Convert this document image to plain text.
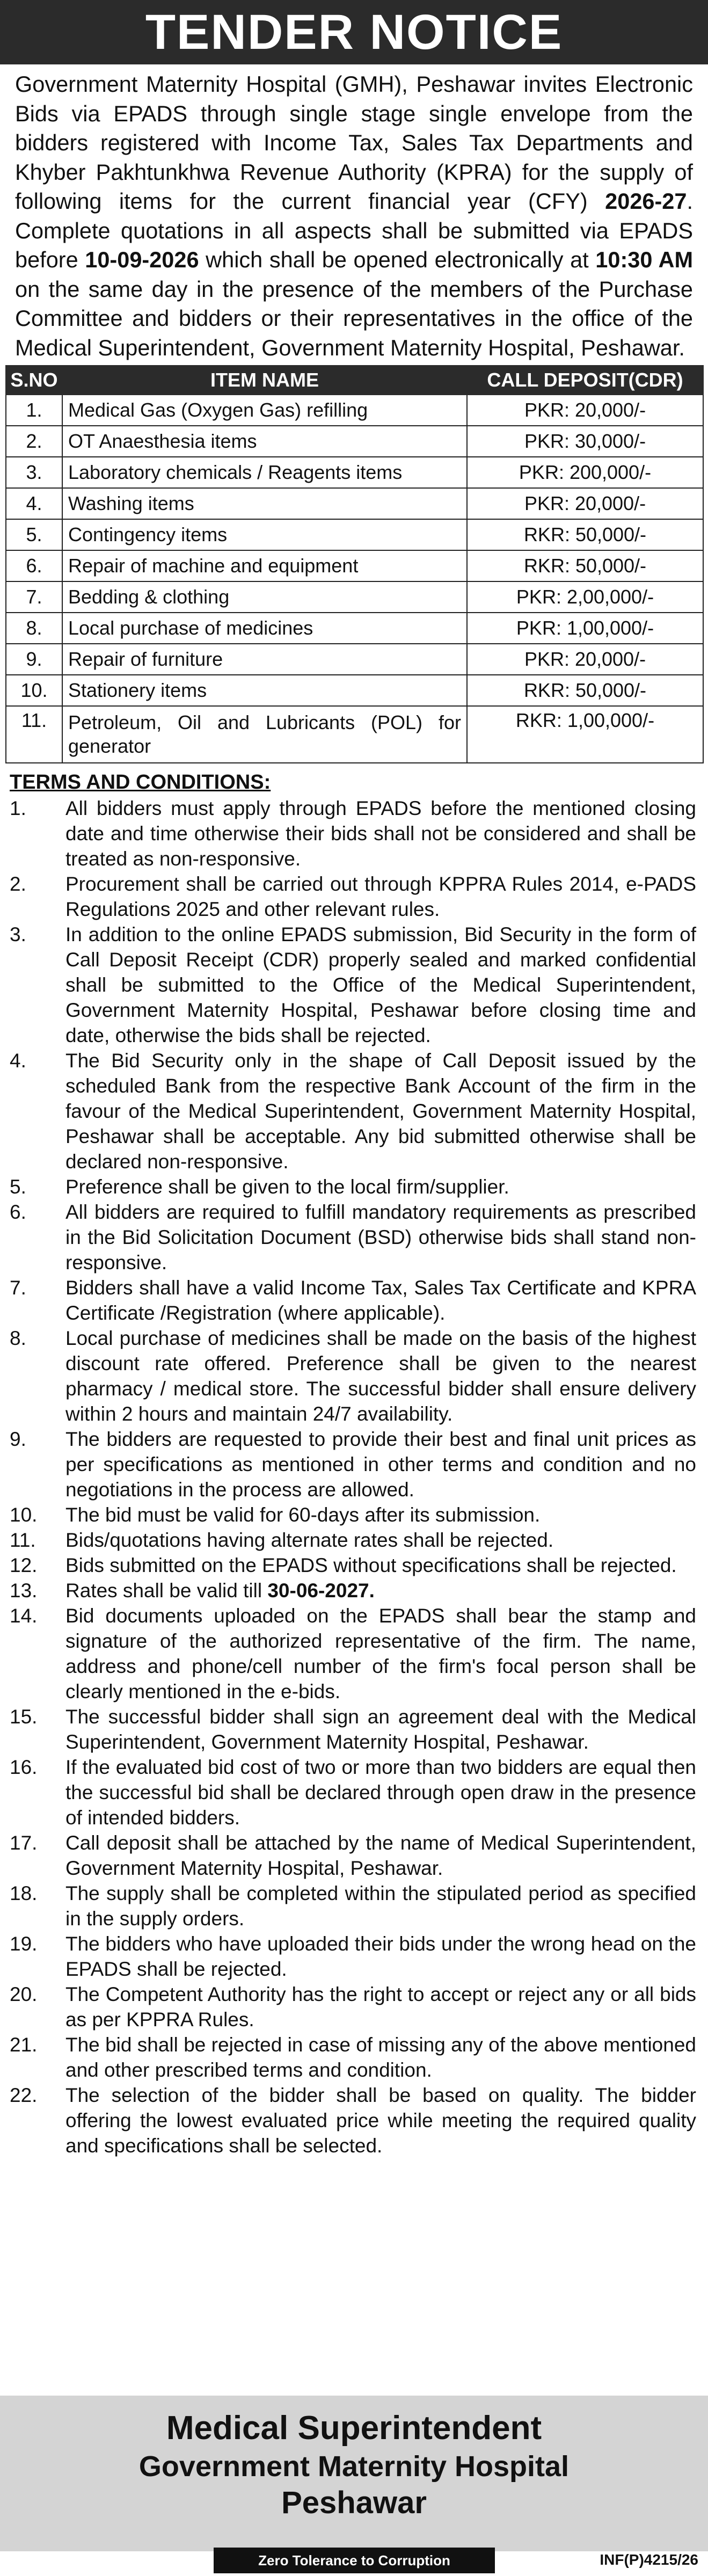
TENDER NOTICE
Government Maternity Hospital (GMH), Peshawar invites Electronic Bids via EPADS through single stage single envelope from the bidders registered with Income Tax, Sales Tax Departments and Khyber Pakhtunkhwa Revenue Authority (KPRA) for the supply of following items for the current financial year (CFY) 2026-27. Complete quotations in all aspects shall be submitted via EPADS before 10-09-2026 which shall be opened electronically at 10:30 AM on the same day in the presence of the members of the Purchase Committee and bidders or their representatives in the office of the Medical Superintendent, Government Maternity Hospital, Peshawar.
S.NO	ITEM NAME	CALL DEPOSIT(CDR)
1.	Medical Gas (Oxygen Gas) refilling	PKR: 20,000/-
2.	OT Anaesthesia items	PKR: 30,000/-
3.	Laboratory chemicals / Reagents items	PKR: 200,000/-
4.	Washing items	PKR: 20,000/-
5.	Contingency items	RKR: 50,000/-
6.	Repair of machine and equipment	RKR: 50,000/-
7.	Bedding & clothing	PKR: 2,00,000/-
8.	Local purchase of medicines	PKR: 1,00,000/-
9.	Repair of furniture	PKR: 20,000/-
10.	Stationery items	RKR: 50,000/-
11.	Petroleum, Oil and Lubricants (POL) for generator	RKR: 1,00,000/-
TERMS AND CONDITIONS:
1.	All bidders must apply through EPADS before the mentioned closing date and time otherwise their bids shall not be considered and shall be treated as non-responsive.
2.	Procurement shall be carried out through KPPRA Rules 2014, e-PADS Regulations 2025 and other relevant rules.
3.	In addition to the online EPADS submission, Bid Security in the form of Call Deposit Receipt (CDR) properly sealed and marked confidential shall be submitted to the Office of the Medical Superintendent, Government Maternity Hospital, Peshawar before closing time and date, otherwise the bids shall be rejected.
4.	The Bid Security only in the shape of Call Deposit issued by the scheduled Bank from the respective Bank Account of the firm in the favour of the Medical Superintendent, Government Maternity Hospital, Peshawar shall be acceptable. Any bid submitted otherwise shall be declared non-responsive.
5.	Preference shall be given to the local firm/supplier.
6.	All bidders are required to fulfill mandatory requirements as prescribed in the Bid Solicitation Document (BSD) otherwise bids shall stand non-responsive.
7.	Bidders shall have a valid Income Tax, Sales Tax Certificate and KPRA Certificate /Registration (where applicable).
8.	Local purchase of medicines shall be made on the basis of the highest discount rate offered. Preference shall be given to the nearest pharmacy / medical store. The successful bidder shall ensure delivery within 2 hours and maintain 24/7 availability.
9.	The bidders are requested to provide their best and final unit prices as per specifications as mentioned in other terms and condition and no negotiations in the process are allowed.
10.	The bid must be valid for 60-days after its submission.
11.	Bids/quotations having alternate rates shall be rejected.
12.	Bids submitted on the EPADS without specifications shall be rejected.
13.	Rates shall be valid till 30-06-2027.
14.	Bid documents uploaded on the EPADS shall bear the stamp and signature of the authorized representative of the firm. The name, address and phone/cell number of the firm's focal person shall be clearly mentioned in the e-bids.
15.	The successful bidder shall sign an agreement deal with the Medical Superintendent, Government Maternity Hospital, Peshawar.
16.	If the evaluated bid cost of two or more than two bidders are equal then the successful bid shall be declared through open draw in the presence of intended bidders.
17.	Call deposit shall be attached by the name of Medical Superintendent, Government Maternity Hospital, Peshawar.
18.	The supply shall be completed within the stipulated period as specified in the supply orders.
19.	The bidders who have uploaded their bids under the wrong head on the EPADS shall be rejected.
20.	The Competent Authority has the right to accept or reject any or all bids as per KPPRA Rules.
21.	The bid shall be rejected in case of missing any of the above mentioned and other prescribed terms and condition.
22.	The selection of the bidder shall be based on quality. The bidder offering the lowest evaluated price while meeting the required quality and specifications shall be selected.
Medical Superintendent
Government Maternity Hospital
Peshawar
Zero Tolerance to Corruption	INF(P)4215/26
